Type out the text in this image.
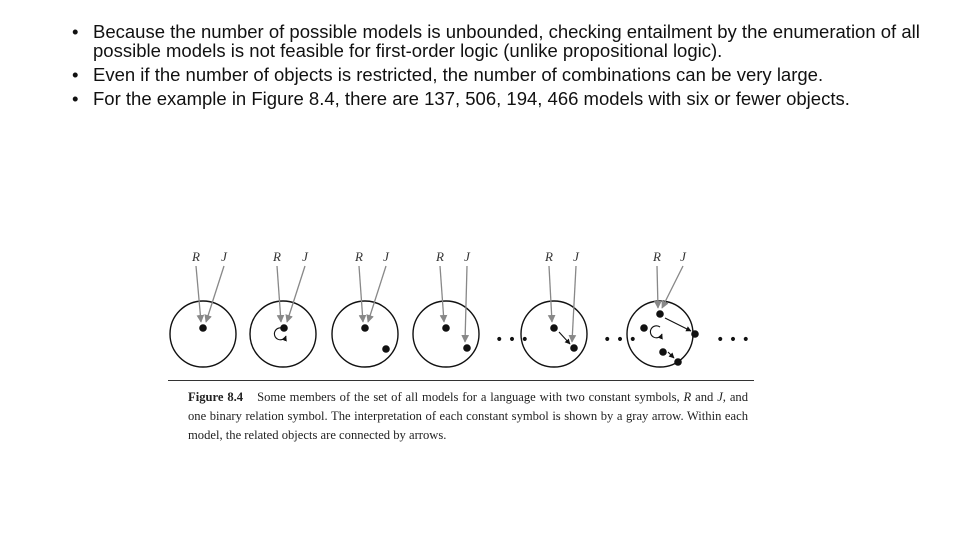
• Because the number of possible models is unbounded, checking entailment by the enumeration of all possible models is not feasible for first-order logic (unlike propositional logic).
• Even if the number of objects is restricted, the number of combinations can be very large.
• For the example in Figure 8.4, there are 137, 506, 194, 466 models with six or fewer objects.
R J	R J	R J	R J	R J	R J
• • •	• • •	• • •
Figure 8.4 Some members of the set of all models for a language with two constant symbols, R and J, and one binary relation symbol. The interpretation of each constant symbol is shown by a gray arrow. Within each model, the related objects are connected by arrows.
